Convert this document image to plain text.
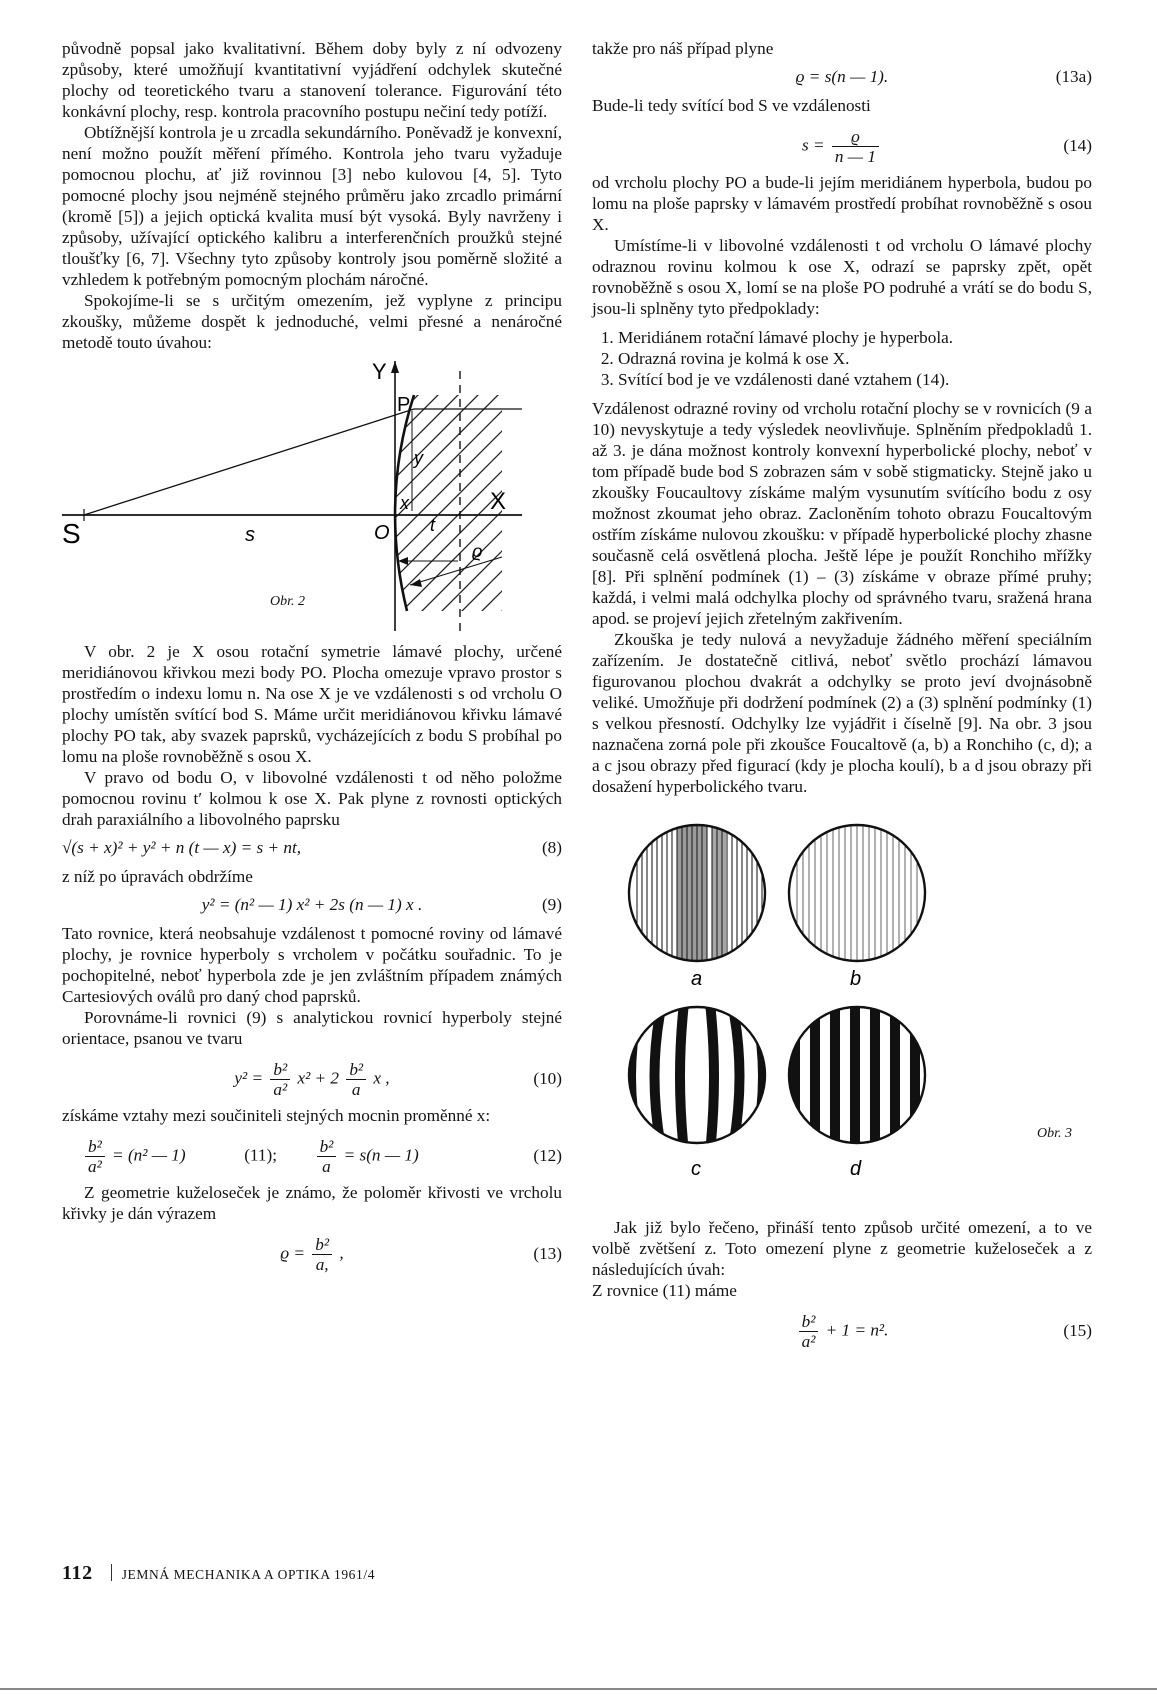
původně popsal jako kvalitativní. Během doby byly z ní odvozeny způsoby, které umožňují kvantitativní vyjádření odchylek skutečné plochy od teoretického tvaru a stanovení tolerance. Figurování této konkávní plochy, resp. kontrola pracovního postupu nečiní tedy potíží.

Obtížnější kontrola je u zrcadla sekundárního. Poněvadž je konvexní, není možno použít měření přímého. Kontrola jeho tvaru vyžaduje pomocnou plochu, ať již rovinnou [3] nebo kulovou [4, 5]. Tyto pomocné plochy jsou nejméně stejného průměru jako zrcadlo primární (kromě [5]) a jejich optická kvalita musí být vysoká. Byly navrženy i způsoby, užívající optického kalibru a interferenčních proužků stejné tloušťky [6, 7]. Všechny tyto způsoby kontroly jsou poměrně složité a vzhledem k potřebným pomocným plochám náročné.

Spokojíme-li se s určitým omezením, jež vyplyne z principu zkoušky, můžeme dospět k jednoduché, velmi přesné a nenáročné metodě touto úvahou:

Y
P
y
x	X
S	s	O t
ϱ
Obr. 2

V obr. 2 je X osou rotační symetrie lámavé plochy, určené meridiánovou křivkou mezi body PO. Plocha omezuje vpravo prostor s prostředím o indexu lomu n. Na ose X je ve vzdálenosti s od vrcholu O plochy umístěn svítící bod S. Máme určit meridiánovou křivku lámavé plochy PO tak, aby svazek paprsků, vycházejících z bodu S probíhal po lomu na ploše rovnoběžně s osou X.

V pravo od bodu O, v libovolné vzdálenosti t od něho položme pomocnou rovinu t′ kolmou k ose X. Pak plyne z rovnosti optických drah paraxiálního a libovolného paprsku

√(s + x)² + y² + n (t — x) = s + nt,	(8)

z níž po úpravách obdržíme

y² = (n² — 1) x² + 2s (n — 1) x .	(9)

Tato rovnice, která neobsahuje vzdálenost t pomocné roviny od lámavé plochy, je rovnice hyperboly s vrcholem v počátku souřadnic. To je pochopitelné, neboť hyperbola zde je jen zvláštním případem známých Cartesiových oválů pro daný chod paprsků.

Porovnáme-li rovnici (9) s analytickou rovnicí hyperboly stejné orientace, psanou ve tvaru

$y^2 = \frac{\text{b²}}{\text{a²}} x^2 + 2 \frac{\text{b²}}{a}$ x ,	(10)

získáme vztahy mezi součiniteli stejných mocnin proměnné x:

$\frac{\text{b²}}{\text{a²}} = (n^2$ — 1)	(11); $\frac{\text{b²}}{a} = s(n$ — 1)	(12)

Z geometrie kuželoseček je známo, že poloměr křivosti ve vrcholu křivky je dán výrazem

$ϱ = \frac{\text{b²}}{a,}$ ,	(13)

takže pro náš případ plyne

ϱ = s(n — 1).	(13a)

Bude-li tedy svítící bod S ve vzdálenosti

$s = \frac{ϱ}{n — 1}$	(14)

od vrcholu plochy PO a bude-li jejím meridiánem hyperbola, budou po lomu na ploše paprsky v lámavém prostředí probíhat rovnoběžně s osou X.

Umístíme-li v libovolné vzdálenosti t od vrcholu O lámavé plochy odraznou rovinu kolmou k ose X, odrazí se paprsky zpět, opět rovnoběžně s osou X, lomí se na ploše PO podruhé a vrátí se do bodu S, jsou-li splněny tyto předpoklady:

1. Meridiánem rotační lámavé plochy je hyperbola.
2. Odrazná rovina je kolmá k ose X.
3. Svítící bod je ve vzdálenosti dané vztahem (14).

Vzdálenost odrazné roviny od vrcholu rotační plochy se v rovnicích (9 a 10) nevyskytuje a tedy výsledek neovlivňuje. Splněním předpokladů 1. až 3. je dána možnost kontroly konvexní hyperbolické plochy, neboť v tom případě bude bod S zobrazen sám v sobě stigmaticky. Stejně jako u zkoušky Foucaultovy získáme malým vysunutím svítícího bodu z osy možnost zkoumat jeho obraz. Zacloněním tohoto obrazu Foucaltovým ostřím získáme nulovou zkoušku: v případě hyperbolické plochy zhasne současně celá osvětlená plocha. Ještě lépe je použít Ronchiho mřížky [8]. Při splnění podmínek (1) – (3) získáme v obraze přímé pruhy; každá, i velmi malá odchylka plochy od správného tvaru, sražená hrana apod. se projeví jejich zřetelným zakřivením.

Zkouška je tedy nulová a nevyžaduje žádného měření speciálním zařízením. Je dostatečně citlivá, neboť světlo prochází lámavou figurovanou plochou dvakrát a odchylky se proto jeví dvojnásobně veliké. Umožňuje při dodržení podmínek (2) a (3) splnění podmínky (1) s velkou přesností. Odchylky lze vyjádřit i číselně [9]. Na obr. 3 jsou naznačena zorná pole při zkoušce Foucaltově (a, b) a Ronchiho (c, d); a a c jsou obrazy před figurací (kdy je plocha koulí), b a d jsou obrazy při dosažení hyperbolického tvaru.

a	b
c	d
Obr. 3

Jak již bylo řečeno, přináší tento způsob určité omezení, a to ve volbě zvětšení z. Toto omezení plyne z geometrie kuželoseček a z následujících úvah:

Z rovnice (11) máme

$\frac{\text{b²}}{\text{a²}} + 1 = n^2$.	(15)
112 JEMNÁ MECHANIKA A OPTIKA 1961/4
